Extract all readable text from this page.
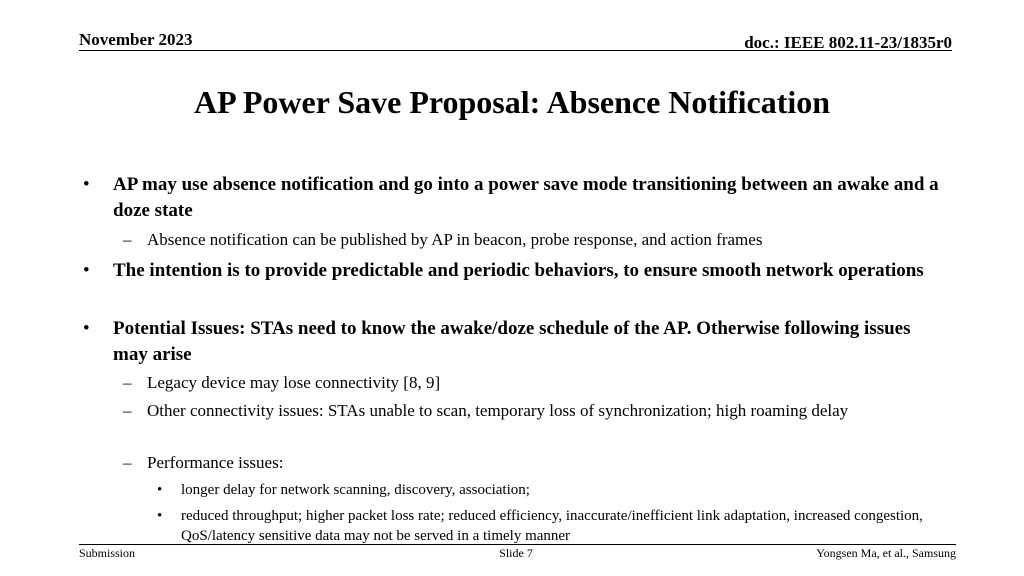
November 2023	doc.: IEEE 802.11-23/1835r0
AP Power Save Proposal: Absence Notification
• AP may use absence notification and go into a power save mode transitioning between an awake and a doze state
– Absence notification can be published by AP in beacon, probe response, and action frames
• The intention is to provide predictable and periodic behaviors, to ensure smooth network operations
• Potential Issues: STAs need to know the awake/doze schedule of the AP. Otherwise following issues may arise
– Legacy device may lose connectivity [8, 9]
– Other connectivity issues: STAs unable to scan, temporary loss of synchronization; high roaming delay
– Performance issues:
• longer delay for network scanning, discovery, association;
• reduced throughput; higher packet loss rate; reduced efficiency, inaccurate/inefficient link adaptation, increased congestion, QoS/latency sensitive data may not be served in a timely manner
Submission	Slide 7	Yongsen Ma, et al., Samsung
